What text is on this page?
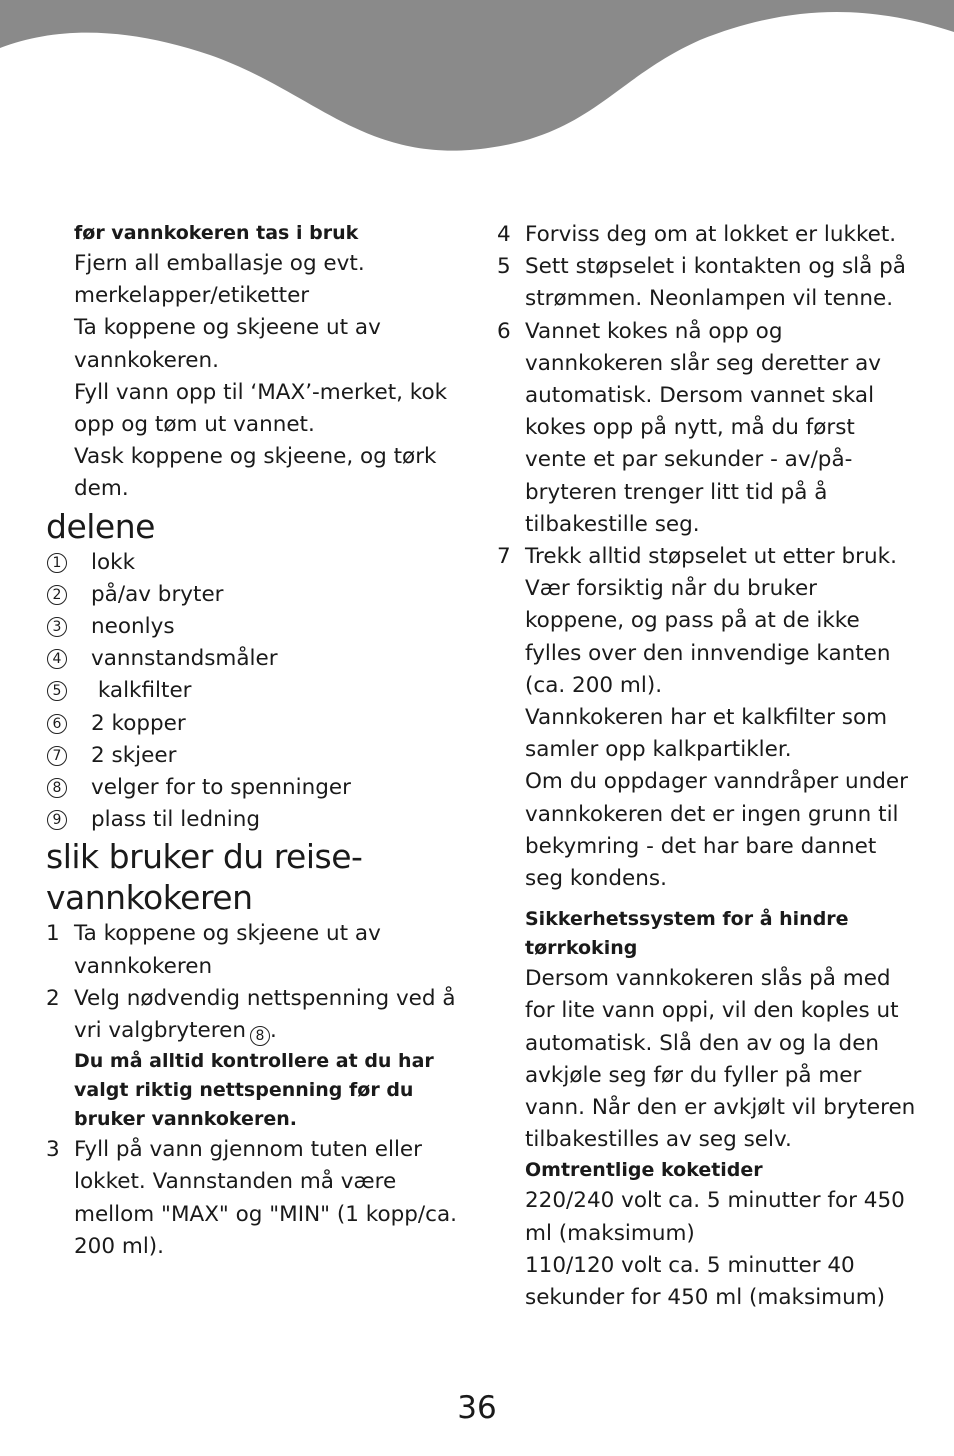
før vannkokeren tas i bruk
Fjern all emballasje og evt. merkelapper/etiketter
Ta koppene og skjeene ut av vannkokeren.
Fyll vann opp til ‘MAX’-merket, kok opp og tøm ut vannet.
Vask koppene og skjeene, og tørk dem.
delene
1 lokk
2 på/av bryter
3 neonlys
4 vannstandsmåler
5 kalkfilter
6 2 kopper
7 2 skjeer
8 velger for to spenninger
9 plass til ledning
slik bruker du reise-
vannkokeren
1 Ta koppene og skjeene ut av vannkokeren
2 Velg nødvendig nettspenning ved å vri valgbryteren 8 .
Du må alltid kontrollere at du har valgt riktig nettspenning før du bruker vannkokeren.
3 Fyll på vann gjennom tuten eller lokket. Vannstanden må være mellom "MAX" og "MIN" (1 kopp/ca. 200 ml).
4 Forviss deg om at lokket er lukket.
5 Sett støpselet i kontakten og slå på strømmen. Neonlampen vil tenne.
6 Vannet kokes nå opp og vannkokeren slår seg deretter av automatisk. Dersom vannet skal kokes opp på nytt, må du først vente et par sekunder - av/på-bryteren trenger litt tid på å tilbakestille seg.
7 Trekk alltid støpselet ut etter bruk.
Vær forsiktig når du bruker koppene, og pass på at de ikke fylles over den innvendige kanten (ca. 200 ml).
Vannkokeren har et kalkfilter som samler opp kalkpartikler.
Om du oppdager vanndråper under vannkokeren det er ingen grunn til bekymring - det har bare dannet seg kondens.
Sikkerhetssystem for å hindre tørrkoking
Dersom vannkokeren slås på med for lite vann oppi, vil den koples ut automatisk. Slå den av og la den avkjøle seg før du fyller på mer vann. Når den er avkjølt vil bryteren tilbakestilles av seg selv.
Omtrentlige koketider
220/240 volt ca. 5 minutter for 450 ml (maksimum)
110/120 volt ca. 5 minutter 40 sekunder for 450 ml (maksimum)
36
